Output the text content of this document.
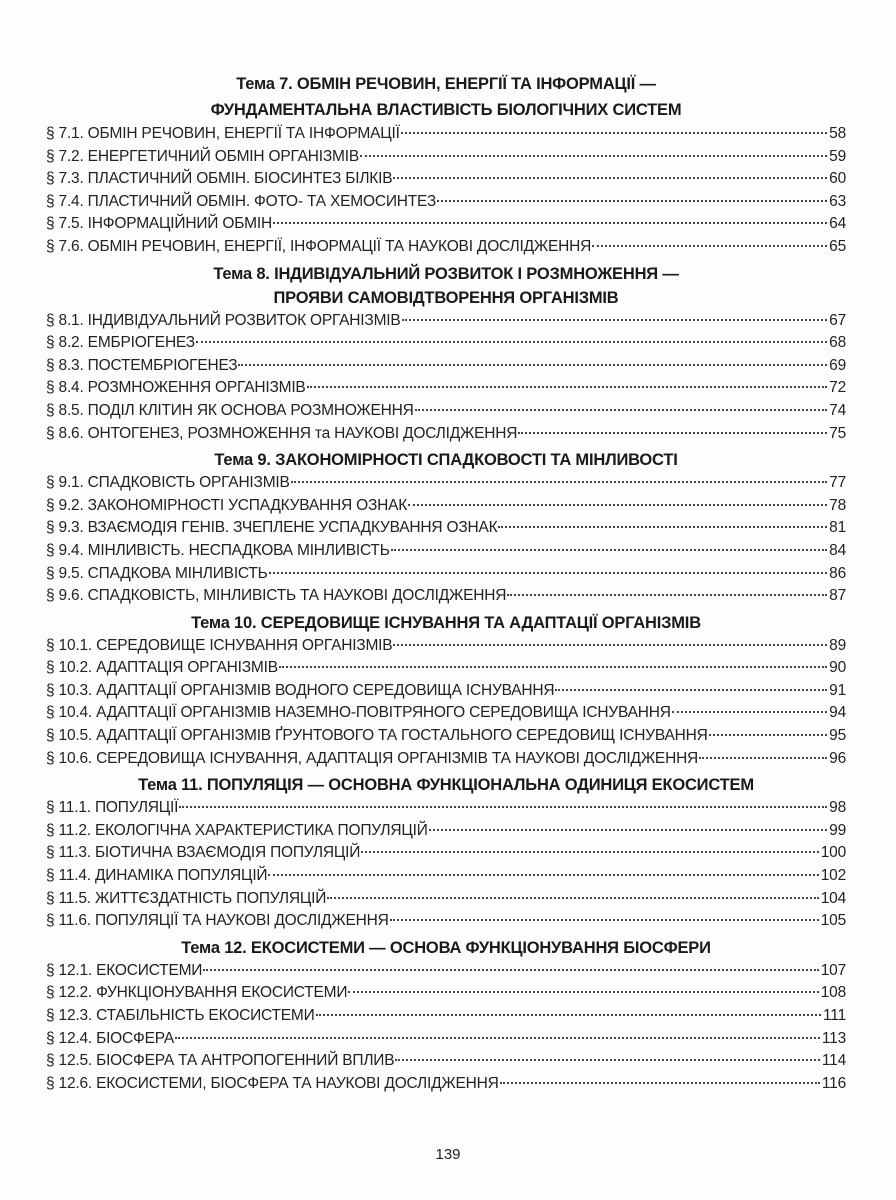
Тема 7. ОБМІН РЕЧОВИН, ЕНЕРГІЇ ТА ІНФОРМАЦІЇ —
ФУНДАМЕНТАЛЬНА ВЛАСТИВІСТЬ БІОЛОГІЧНИХ СИСТЕМ
§ 7.1. ОБМІН РЕЧОВИН, ЕНЕРГІЇ ТА ІНФОРМАЦІЇ	58
§ 7.2. ЕНЕРГЕТИЧНИЙ ОБМІН ОРГАНІЗМІВ	59
§ 7.3. ПЛАСТИЧНИЙ ОБМІН. БІОСИНТЕЗ БІЛКІВ	60
§ 7.4. ПЛАСТИЧНИЙ ОБМІН. ФОТО- ТА ХЕМОСИНТЕЗ	63
§ 7.5. ІНФОРМАЦІЙНИЙ ОБМІН	64
§ 7.6. ОБМІН РЕЧОВИН, ЕНЕРГІЇ, ІНФОРМАЦІЇ ТА НАУКОВІ ДОСЛІДЖЕННЯ	65
Тема 8. ІНДИВІДУАЛЬНИЙ РОЗВИТОК І РОЗМНОЖЕННЯ —
ПРОЯВИ САМОВІДТВОРЕННЯ ОРГАНІЗМІВ
§ 8.1. ІНДИВІДУАЛЬНИЙ РОЗВИТОК ОРГАНІЗМІВ	67
§ 8.2. ЕМБРІОГЕНЕЗ	68
§ 8.3. ПОСТЕМБРІОГЕНЕЗ	69
§ 8.4. РОЗМНОЖЕННЯ ОРГАНІЗМІВ	72
§ 8.5. ПОДІЛ КЛІТИН ЯК ОСНОВА РОЗМНОЖЕННЯ	74
§ 8.6. ОНТОГЕНЕЗ, РОЗМНОЖЕННЯ та НАУКОВІ ДОСЛІДЖЕННЯ	75
Тема 9. ЗАКОНОМІРНОСТІ СПАДКОВОСТІ ТА МІНЛИВОСТІ
§ 9.1. СПАДКОВІСТЬ ОРГАНІЗМІВ	77
§ 9.2. ЗАКОНОМІРНОСТІ УСПАДКУВАННЯ ОЗНАК	78
§ 9.3. ВЗАЄМОДІЯ ГЕНІВ. ЗЧЕПЛЕНЕ УСПАДКУВАННЯ ОЗНАК	81
§ 9.4. МІНЛИВІСТЬ. НЕСПАДКОВА МІНЛИВІСТЬ	84
§ 9.5. СПАДКОВА МІНЛИВІСТЬ	86
§ 9.6. СПАДКОВІСТЬ, МІНЛИВІСТЬ ТА НАУКОВІ ДОСЛІДЖЕННЯ	87
Тема 10. СЕРЕДОВИЩЕ ІСНУВАННЯ ТА АДАПТАЦІЇ ОРГАНІЗМІВ
§ 10.1. СЕРЕДОВИЩЕ ІСНУВАННЯ ОРГАНІЗМІВ	89
§ 10.2. АДАПТАЦІЯ ОРГАНІЗМІВ	90
§ 10.3. АДАПТАЦІЇ ОРГАНІЗМІВ ВОДНОГО СЕРЕДОВИЩА ІСНУВАННЯ	91
§ 10.4. АДАПТАЦІЇ ОРГАНІЗМІВ НАЗЕМНО-ПОВІТРЯНОГО СЕРЕДОВИЩА ІСНУВАННЯ	94
§ 10.5. АДАПТАЦІЇ ОРГАНІЗМІВ ҐРУНТОВОГО ТА ГОСТАЛЬНОГО СЕРЕДОВИЩ ІСНУВАННЯ	95
§ 10.6. СЕРЕДОВИЩА ІСНУВАННЯ, АДАПТАЦІЯ ОРГАНІЗМІВ ТА НАУКОВІ ДОСЛІДЖЕННЯ	96
Тема 11. ПОПУЛЯЦІЯ — ОСНОВНА ФУНКЦІОНАЛЬНА ОДИНИЦЯ ЕКОСИСТЕМ
§ 11.1. ПОПУЛЯЦІЇ	98
§ 11.2. ЕКОЛОГІЧНА ХАРАКТЕРИСТИКА ПОПУЛЯЦІЙ	99
§ 11.3. БІОТИЧНА ВЗАЄМОДІЯ ПОПУЛЯЦІЙ	100
§ 11.4. ДИНАМІКА ПОПУЛЯЦІЙ	102
§ 11.5. ЖИТТЄЗДАТНІСТЬ ПОПУЛЯЦІЙ	104
§ 11.6. ПОПУЛЯЦІЇ ТА НАУКОВІ ДОСЛІДЖЕННЯ	105
Тема 12. ЕКОСИСТЕМИ — ОСНОВА ФУНКЦІОНУВАННЯ БІОСФЕРИ
§ 12.1. ЕКОСИСТЕМИ	107
§ 12.2. ФУНКЦІОНУВАННЯ ЕКОСИСТЕМИ	108
§ 12.3. СТАБІЛЬНІСТЬ ЕКОСИСТЕМИ	111
§ 12.4. БІОСФЕРА	113
§ 12.5. БІОСФЕРА ТА АНТРОПОГЕННИЙ ВПЛИВ	114
§ 12.6. ЕКОСИСТЕМИ, БІОСФЕРА ТА НАУКОВІ ДОСЛІДЖЕННЯ	116
139
